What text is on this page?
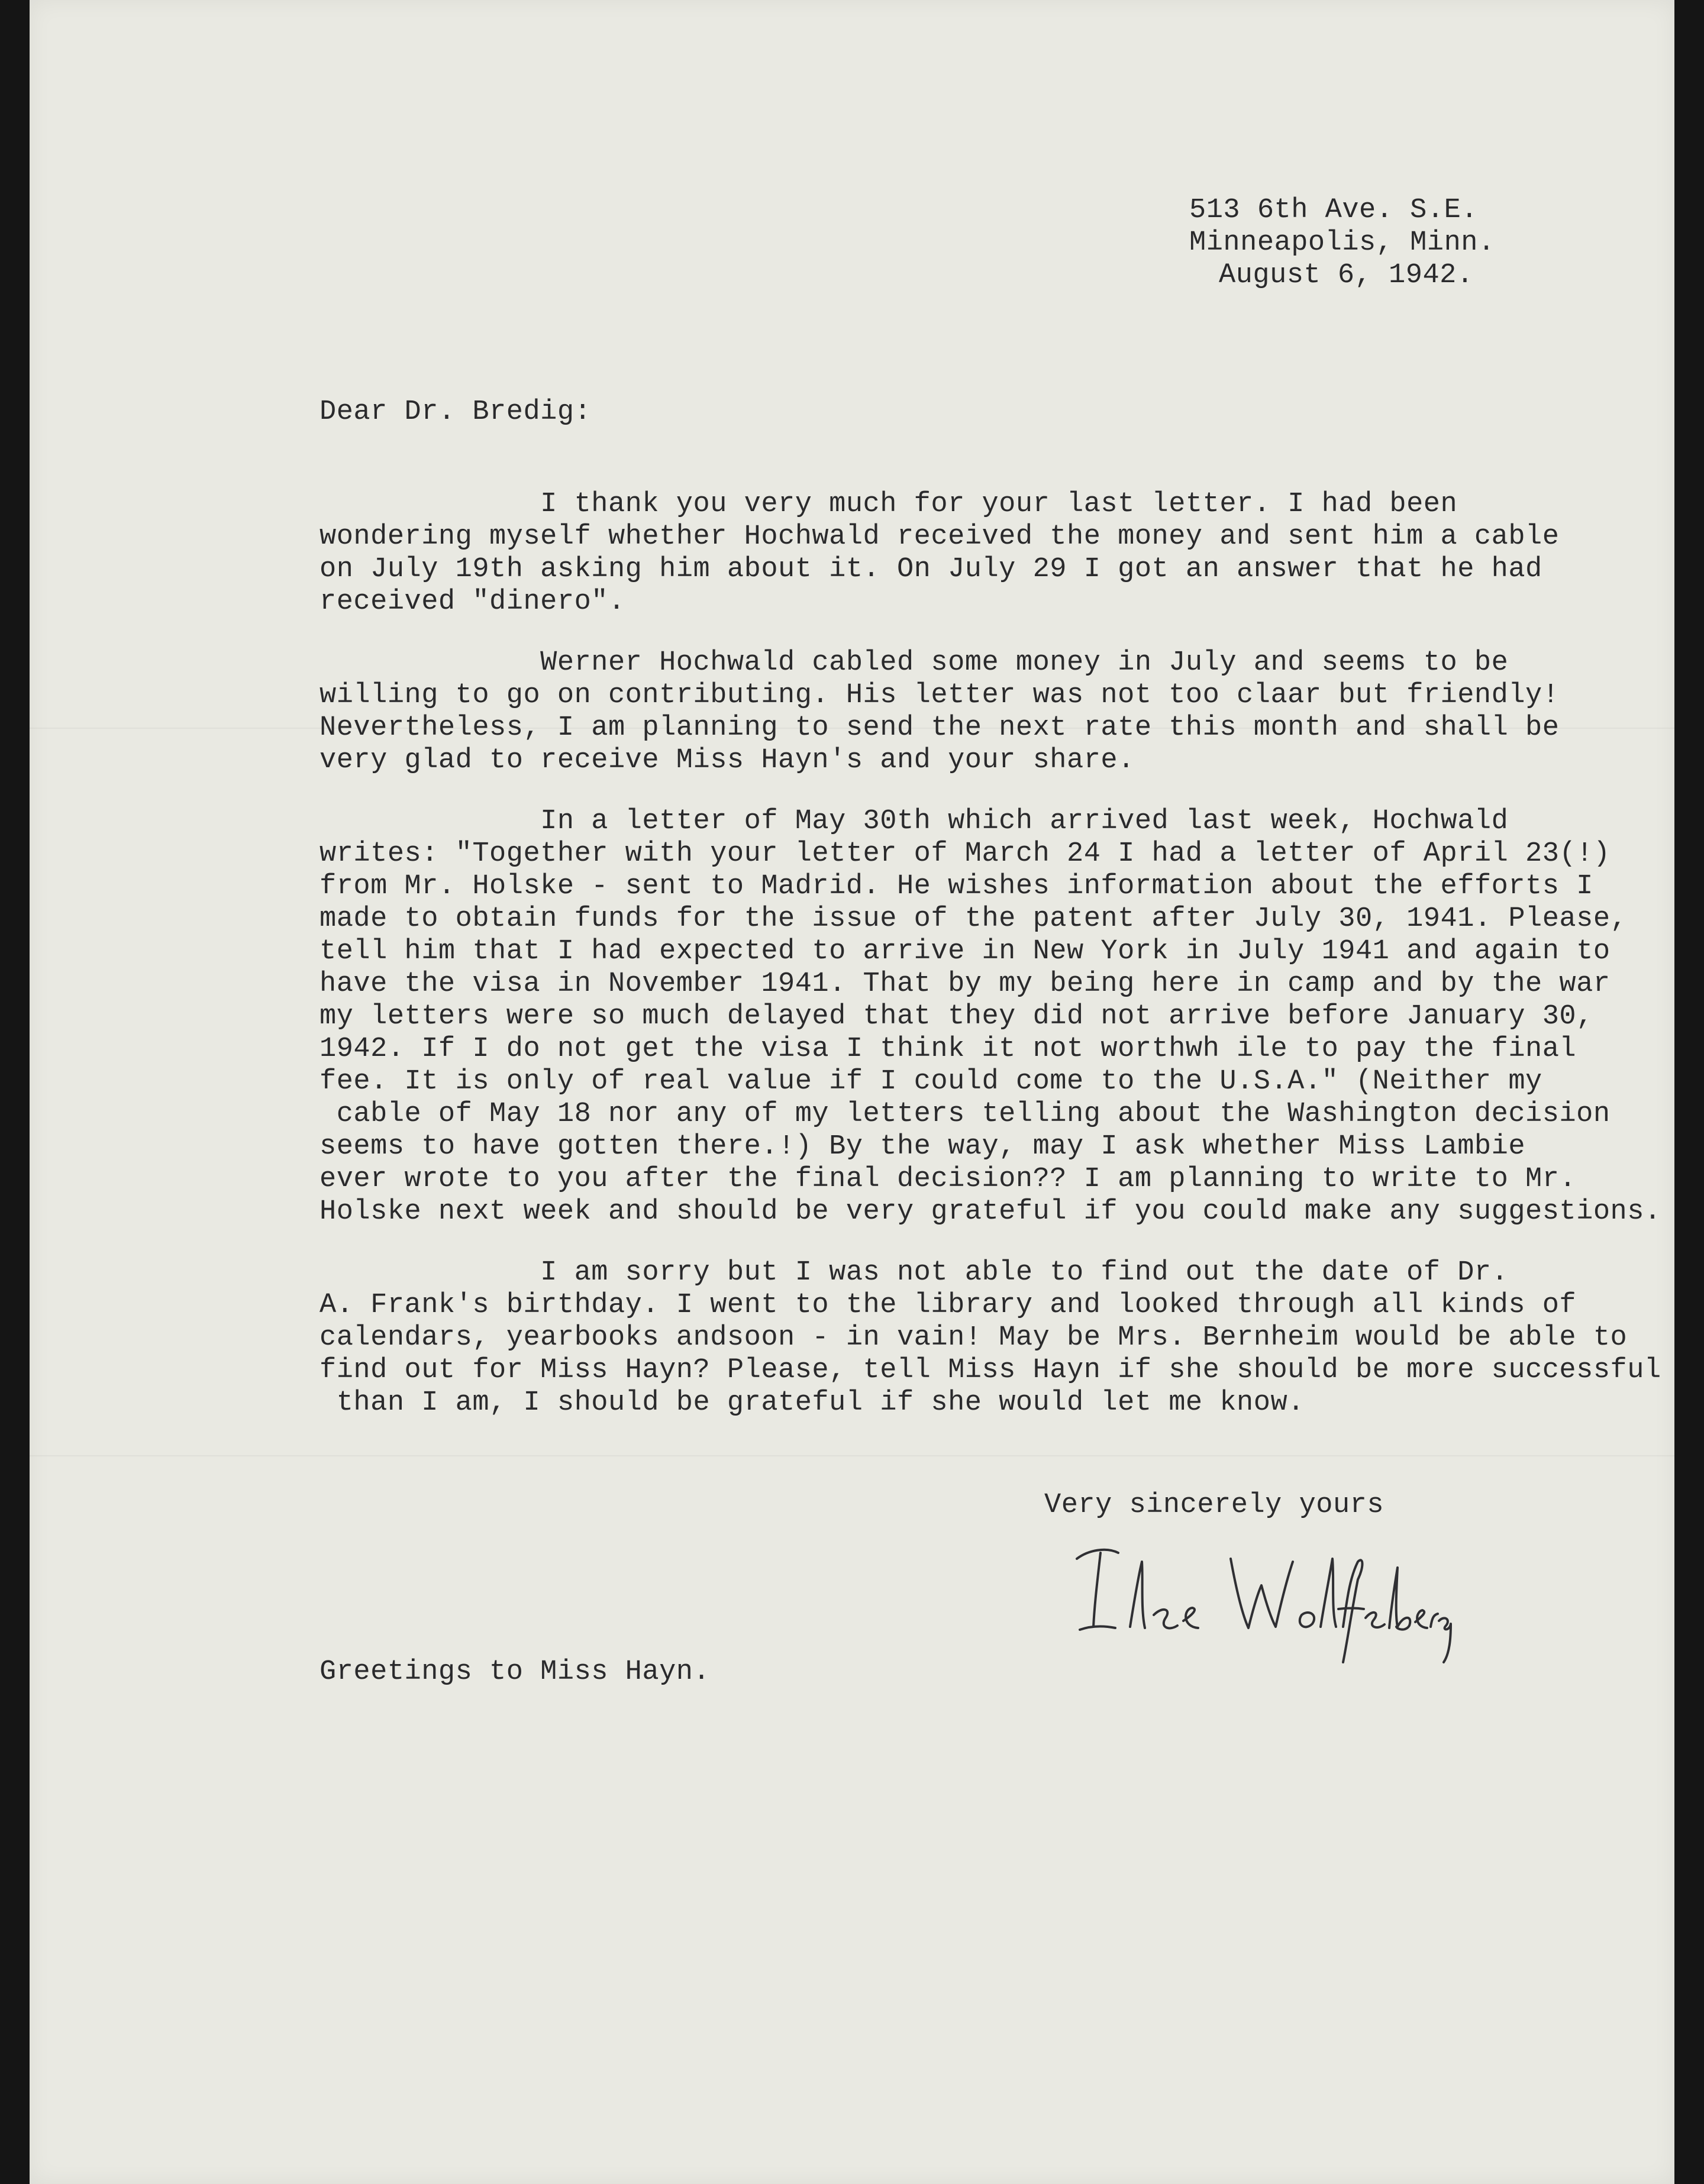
513 6th Ave. S.E.
Minneapolis, Minn.
August 6, 1942.
Dear Dr. Bredig:
I thank you very much for your last letter. I had been
wondering myself whether Hochwald received the money and sent him a cable
on July 19th asking him about it. On July 29 I got an answer that he had
received "dinero".
Werner Hochwald cabled some money in July and seems to be
willing to go on contributing. His letter was not too claar but friendly!
Nevertheless, I am planning to send the next rate this month and shall be
very glad to receive Miss Hayn's and your share.
In a letter of May 30th which arrived last week, Hochwald
writes: "Together with your letter of March 24 I had a letter of April 23(!)
from Mr. Holske - sent to Madrid. He wishes information about the efforts I
made to obtain funds for the issue of the patent after July 30, 1941. Please,
tell him that I had expected to arrive in New York in July 1941 and again to
have the visa in November 1941. That by my being here in camp and by the war
my letters were so much delayed that they did not arrive before January 30,
1942. If I do not get the visa I think it not worthwh ile to pay the final
fee. It is only of real value if I could come to the U.S.A." (Neither my
cable of May 18 nor any of my letters telling about the Washington decision
seems to have gotten there.!) By the way, may I ask whether Miss Lambie
ever wrote to you after the final decision?? I am planning to write to Mr.
Holske next week and should be very grateful if you could make any suggestions.
I am sorry but I was not able to find out the date of Dr.
A. Frank's birthday. I went to the library and looked through all kinds of
calendars, yearbooks andsoon - in vain! May be Mrs. Bernheim would be able to
find out for Miss Hayn? Please, tell Miss Hayn if she should be more successful
than I am, I should be grateful if she would let me know.
Very sincerely yours
Greetings to Miss Hayn.
